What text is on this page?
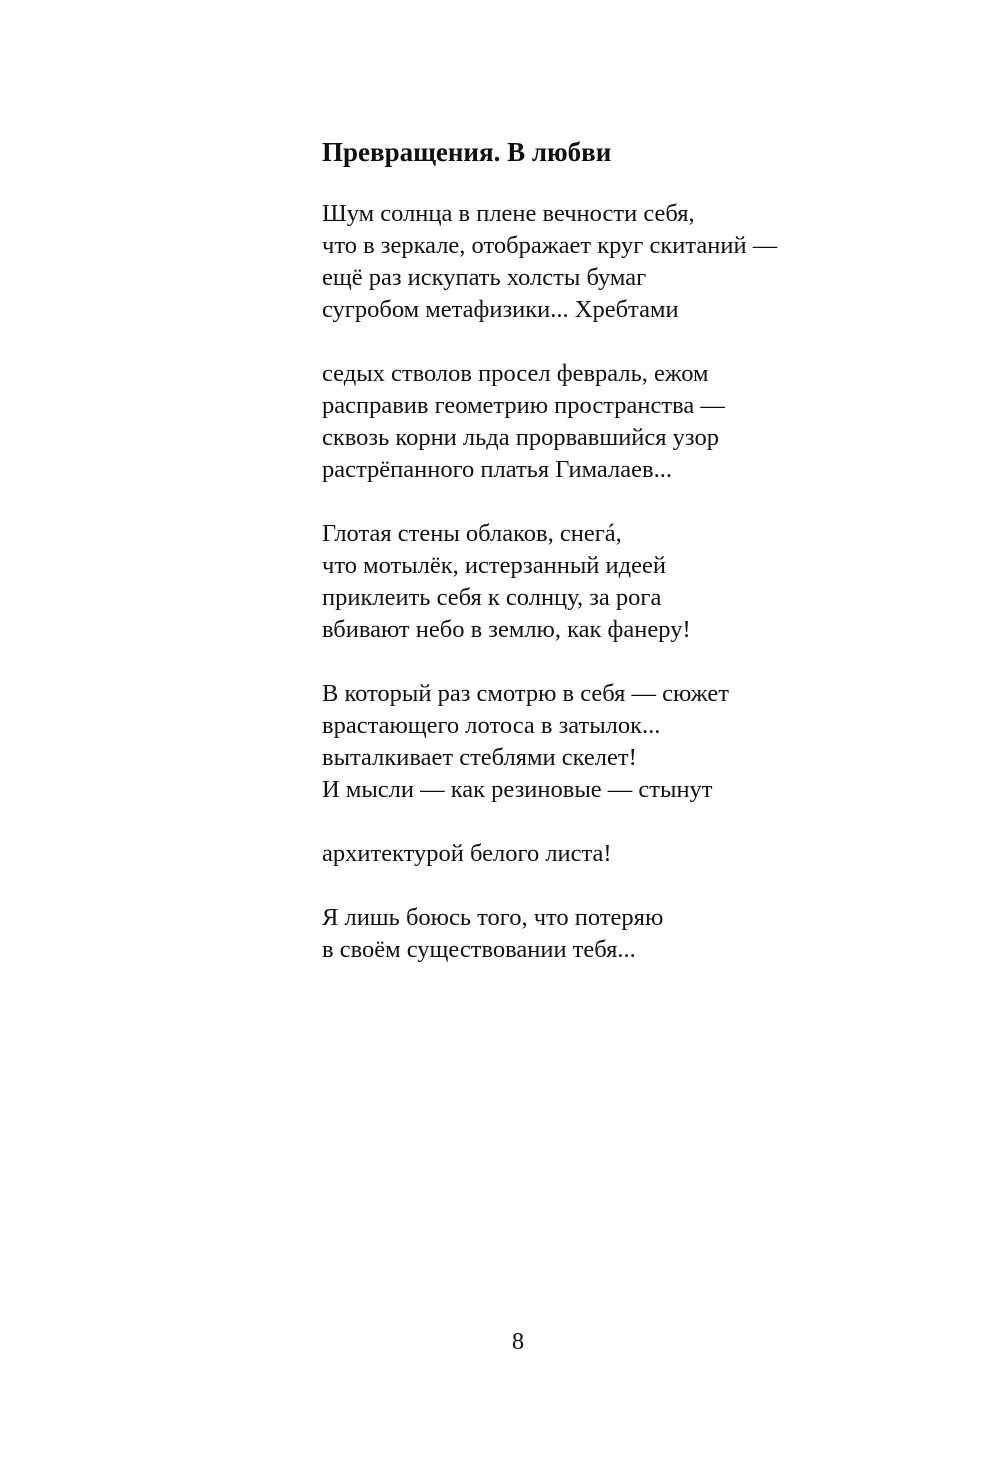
Превращения. В любви
Шум солнца в плене вечности себя,
что в зеркале, отображает круг скитаний —
ещё раз искупать холсты бумаг
сугробом метафизики... Хребтами
седых стволов просел февраль, ежом
расправив геометрию пространства —
сквозь корни льда прорвавшийся узор
растрёпанного платья Гималаев...
Глотая стены облаков, снегá,
что мотылёк, истерзанный идеей
приклеить себя к солнцу, за рога
вбивают небо в землю, как фанеру!
В который раз смотрю в себя — сюжет
врастающего лотоса в затылок...
выталкивает стеблями скелет!
И мысли — как резиновые — стынут
архитектурой белого листа!
Я лишь боюсь того, что потеряю
в своём существовании тебя...
8
